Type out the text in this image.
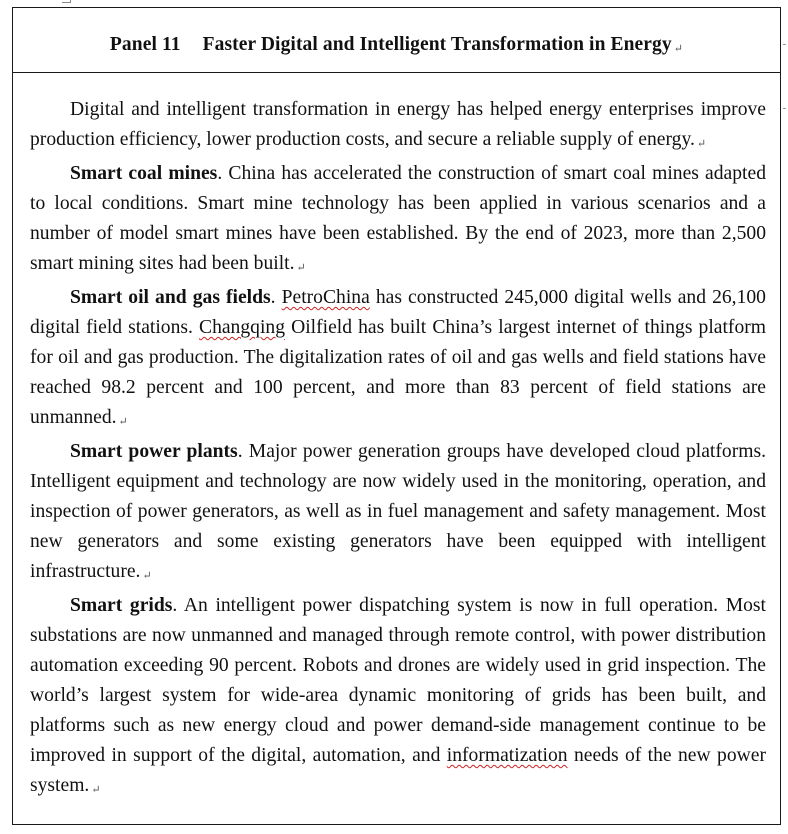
Panel 11 Faster Digital and Intelligent Transformation in Energy ↵

Digital and intelligent transformation in energy has helped energy enterprises improve production efficiency, lower production costs, and secure a reliable supply of energy. ↵

Smart coal mines. China has accelerated the construction of smart coal mines adapted to local conditions. Smart mine technology has been applied in various scenarios and a number of model smart mines have been established. By the end of 2023, more than 2,500 smart mining sites had been built. ↵

Smart oil and gas fields. PetroChina has constructed 245,000 digital wells and 26,100 digital field stations. Changqing Oilfield has built China’s largest internet of things platform for oil and gas production. The digitalization rates of oil and gas wells and field stations have reached 98.2 percent and 100 percent, and more than 83 percent of field stations are unmanned. ↵

Smart power plants. Major power generation groups have developed cloud platforms. Intelligent equipment and technology are now widely used in the monitoring, operation, and inspection of power generators, as well as in fuel management and safety management. Most new generators and some existing generators have been equipped with intelligent infrastructure. ↵

Smart grids. An intelligent power dispatching system is now in full operation. Most substations are now unmanned and managed through remote control, with power distribution automation exceeding 90 percent. Robots and drones are widely used in grid inspection. The world’s largest system for wide-area dynamic monitoring of grids has been built, and platforms such as new energy cloud and power demand-side management continue to be improved in support of the digital, automation, and informatization needs of the new power system. ↵
